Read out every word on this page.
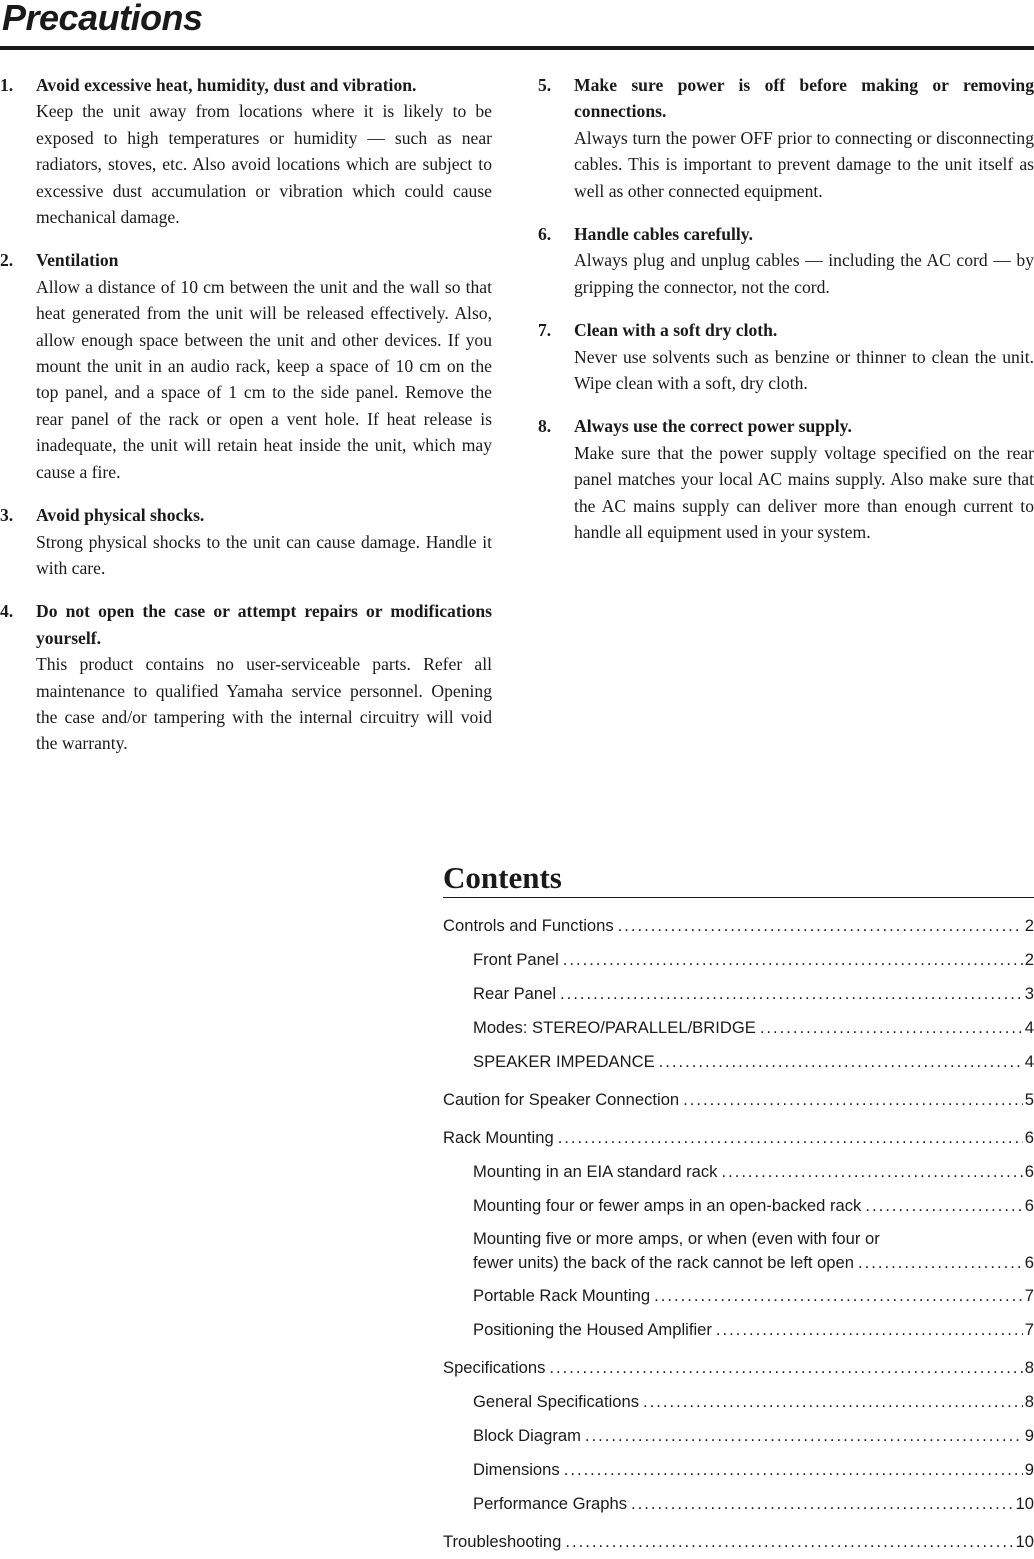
Precautions
1. Avoid excessive heat, humidity, dust and vibration.
Keep the unit away from locations where it is likely to be exposed to high temperatures or humidity — such as near radiators, stoves, etc. Also avoid locations which are subject to excessive dust accumulation or vibration which could cause mechanical damage.
2. Ventilation
Allow a distance of 10 cm between the unit and the wall so that heat generated from the unit will be released effectively. Also, allow enough space between the unit and other devices. If you mount the unit in an audio rack, keep a space of 10 cm on the top panel, and a space of 1 cm to the side panel. Remove the rear panel of the rack or open a vent hole. If heat release is inadequate, the unit will retain heat inside the unit, which may cause a fire.
3. Avoid physical shocks.
Strong physical shocks to the unit can cause damage. Handle it with care.
4. Do not open the case or attempt repairs or modifications yourself.
This product contains no user-serviceable parts. Refer all maintenance to qualified Yamaha service personnel. Opening the case and/or tampering with the internal circuitry will void the warranty.
5. Make sure power is off before making or removing connections.
Always turn the power OFF prior to connecting or disconnecting cables. This is important to prevent damage to the unit itself as well as other connected equipment.
6. Handle cables carefully.
Always plug and unplug cables — including the AC cord — by gripping the connector, not the cord.
7. Clean with a soft dry cloth.
Never use solvents such as benzine or thinner to clean the unit. Wipe clean with a soft, dry cloth.
8. Always use the correct power supply.
Make sure that the power supply voltage specified on the rear panel matches your local AC mains supply. Also make sure that the AC mains supply can deliver more than enough current to handle all equipment used in your system.
Contents
Controls and Functions . . .	2
Front Panel . . .	2
Rear Panel . . .	3
Modes: STEREO/PARALLEL/BRIDGE . . .	4
SPEAKER IMPEDANCE . . .	4
Caution for Speaker Connection . . .	5
Rack Mounting . . .	6
Mounting in an EIA standard rack . . .	6
Mounting four or fewer amps in an open-backed rack . . .	6
Mounting five or more amps, or when (even with four or
fewer units) the back of the rack cannot be left open . . .	6
Portable Rack Mounting . . .	7
Positioning the Housed Amplifier . . .	7
Specifications . . .	8
General Specifications . . .	8
Block Diagram . . .	9
Dimensions . . .	9
Performance Graphs . . .	10
Troubleshooting . . .	10
